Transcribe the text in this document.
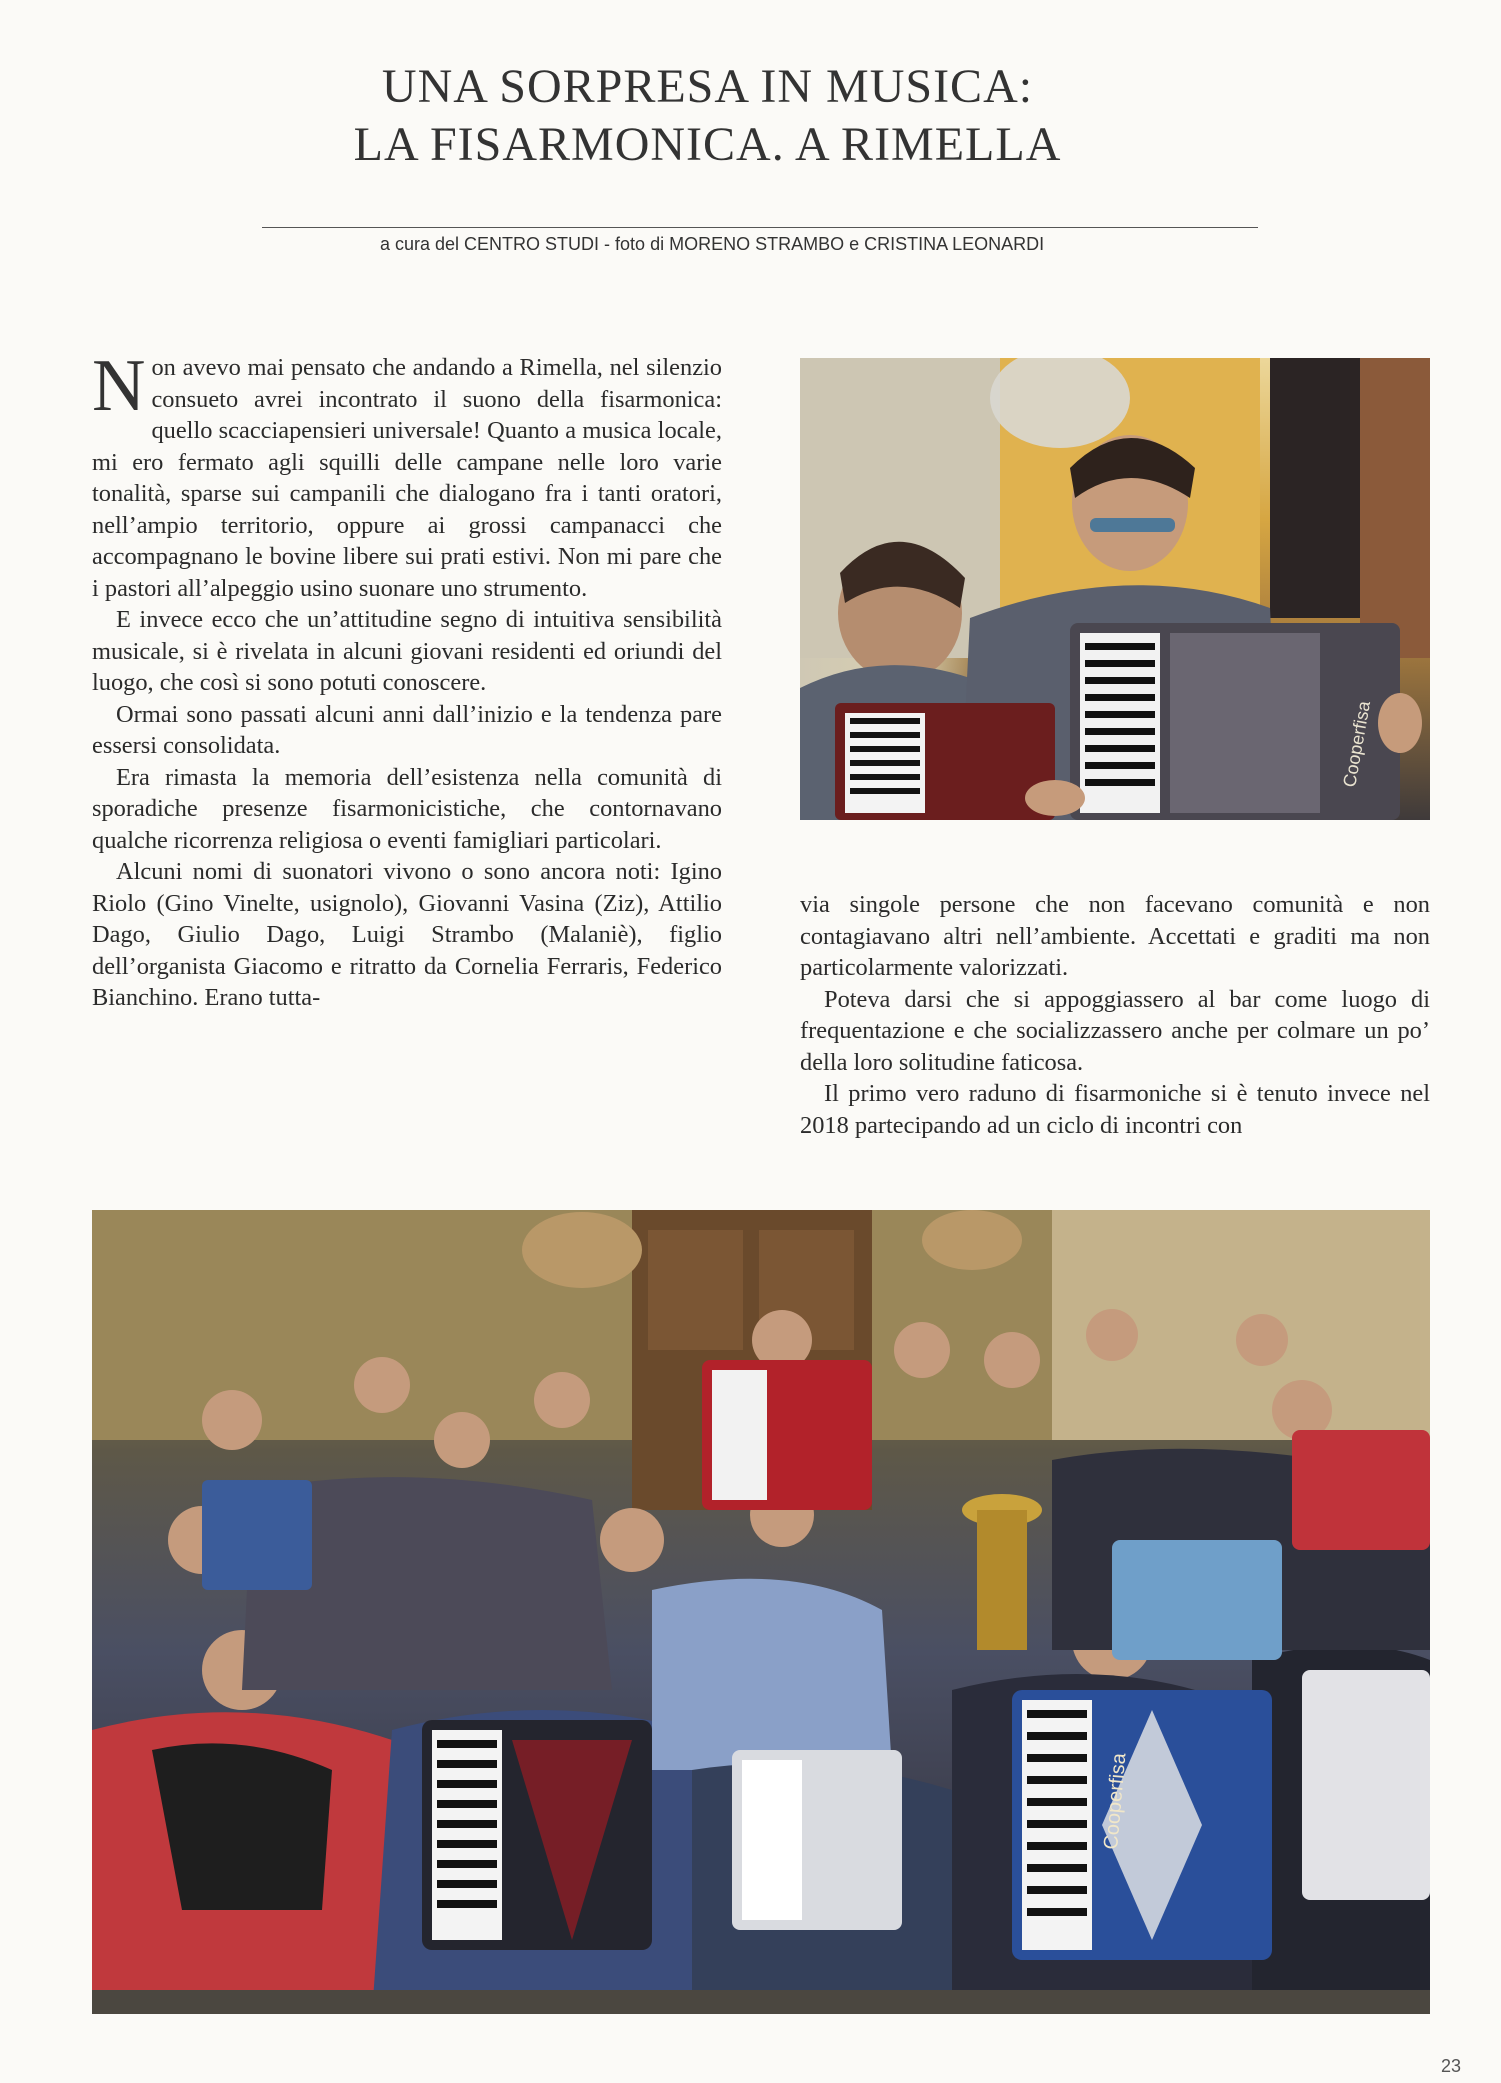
UNA SORPRESA IN MUSICA:
LA FISARMONICA. A RIMELLA
a cura del CENTRO STUDI - foto di MORENO STRAMBO e CRISTINA LEONARDI

Non avevo mai pensato che andando a Rimella, nel silenzio consueto avrei incontrato il suono della fisarmonica: quello scacciapensieri universale! Quanto a musica locale, mi ero fermato agli squilli delle campane nelle loro varie tonalità, sparse sui campanili che dialogano fra i tanti oratori, nell’ampio territorio, oppure ai grossi campanacci che accompagnano le bovine libere sui prati estivi. Non mi pare che i pastori all’alpeggio usino suonare uno strumento.

E invece ecco che un’attitudine segno di intuitiva sensibilità musicale, si è rivelata in alcuni giovani residenti ed oriundi del luogo, che così si sono potuti conoscere.

Ormai sono passati alcuni anni dall’inizio e la tendenza pare essersi consolidata.

Era rimasta la memoria dell’esistenza nella comunità di sporadiche presenze fisarmonicistiche, che contornavano qualche ricorrenza religiosa o eventi famigliari particolari.

Alcuni nomi di suonatori vivono o sono ancora noti: Igino Riolo (Gino Vinelte, usignolo), Giovanni Vasina (Ziz), Attilio Dago, Giulio Dago, Luigi Strambo (Malaniè), figlio dell’organista Giacomo e ritratto da Cornelia Ferraris, Federico Bianchino. Erano tutta-

Cooperfisa

via singole persone che non facevano comunità e non contagiavano altri nell’ambiente. Accettati e graditi ma non particolarmente valorizzati.

Poteva darsi che si appoggiassero al bar come luogo di frequentazione e che socializzassero anche per colmare un po’ della loro solitudine faticosa.

Il primo vero raduno di fisarmoniche si è tenuto invece nel 2018 partecipando ad un ciclo di incontri con

Cooperfisa
23
